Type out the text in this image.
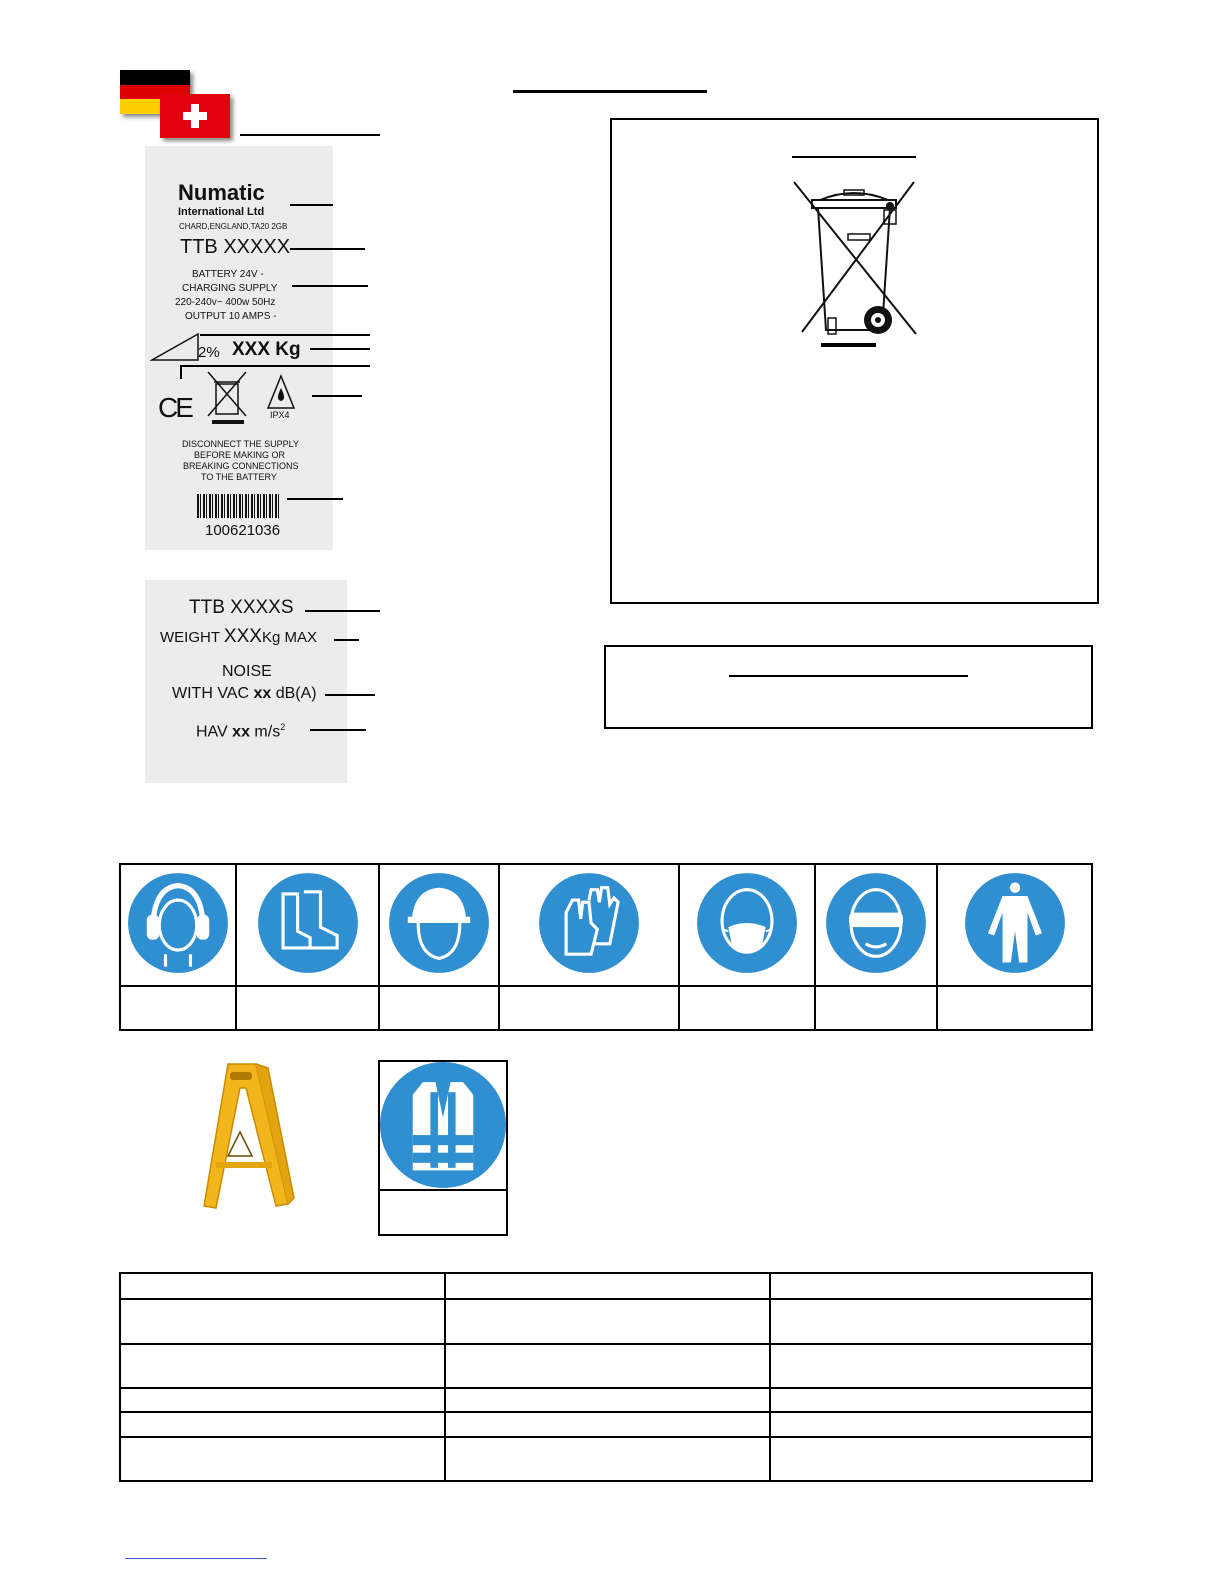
Numatic
International Ltd
CHARD,ENGLAND,TA20 2GB
TTB XXXXX
BATTERY 24V -
CHARGING SUPPLY
220-240v~ 400w 50Hz
OUTPUT 10 AMPS -
2% XXX Kg
CE	IPX4
DISCONNECT THE SUPPLY
BEFORE MAKING OR
BREAKING CONNECTIONS
TO THE BATTERY
100621036
TTB XXXXS
WEIGHT XXXKg MAX
NOISE
WITH VAC xx dB(A)
HAV xx $m/s^2$
